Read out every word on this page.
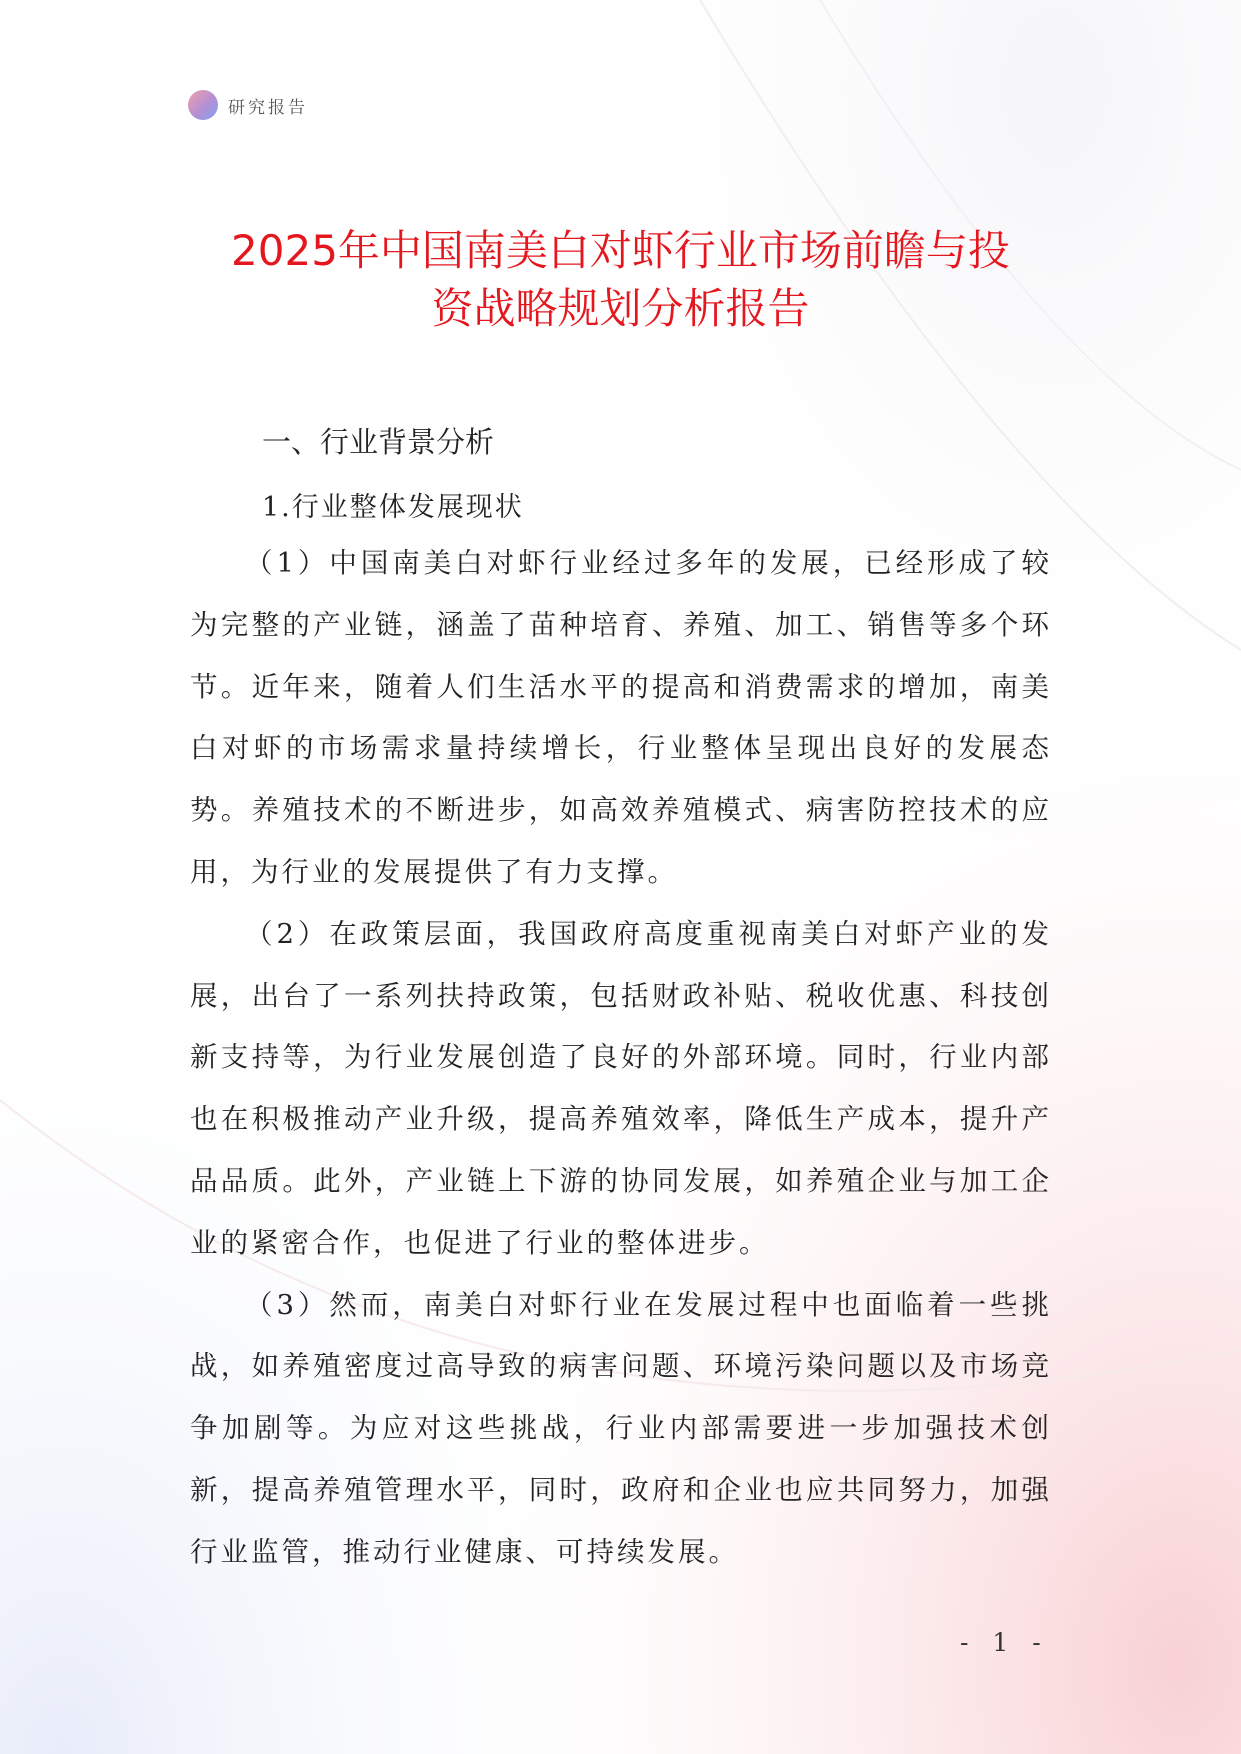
研究报告
2025年中国南美白对虾行业市场前瞻与投
资战略规划分析报告
一、行业背景分析
1.行业整体发展现状

（1）中国南美白对虾行业经过多年的发展，已经形成了较为完整的产业链，涵盖了苗种培育、养殖、加工、销售等多个环节。近年来，随着人们生活水平的提高和消费需求的增加，南美白对虾的市场需求量持续增长，行业整体呈现出良好的发展态势。养殖技术的不断进步，如高效养殖模式、病害防控技术的应用，为行业的发展提供了有力支撑。

（2）在政策层面，我国政府高度重视南美白对虾产业的发展，出台了一系列扶持政策，包括财政补贴、税收优惠、科技创新支持等，为行业发展创造了良好的外部环境。同时，行业内部也在积极推动产业升级，提高养殖效率，降低生产成本，提升产品品质。此外，产业链上下游的协同发展，如养殖企业与加工企业的紧密合作，也促进了行业的整体进步。

（3）然而，南美白对虾行业在发展过程中也面临着一些挑战，如养殖密度过高导致的病害问题、环境污染问题以及市场竞争加剧等。为应对这些挑战，行业内部需要进一步加强技术创新，提高养殖管理水平，同时，政府和企业也应共同努力，加强行业监管，推动行业健康、可持续发展。

- 1 -
